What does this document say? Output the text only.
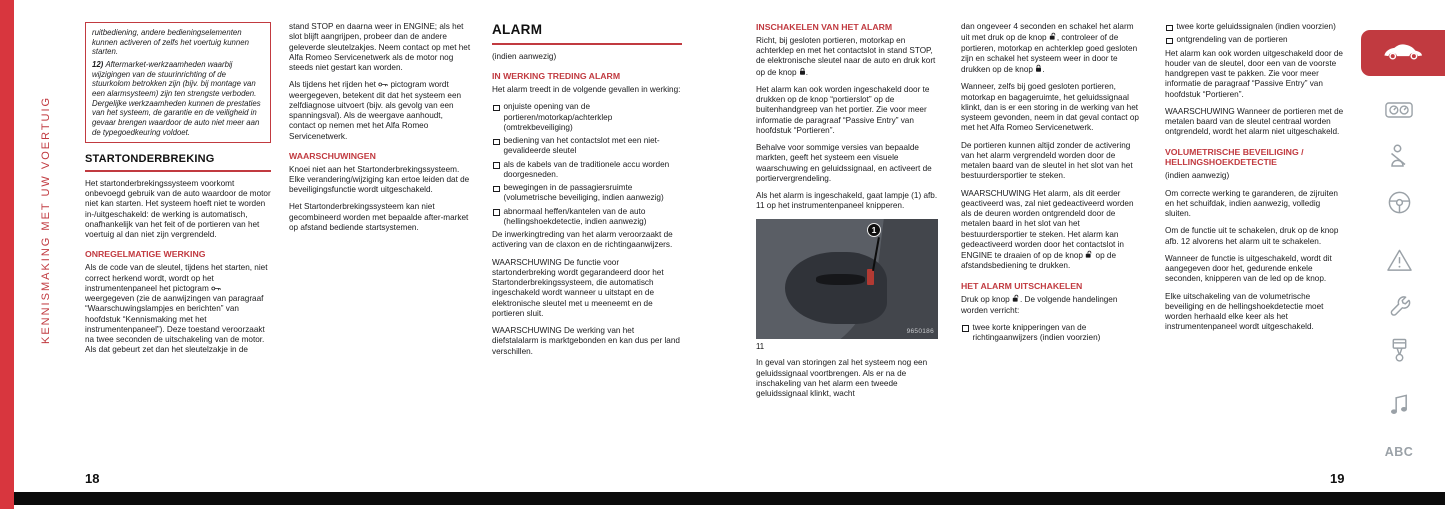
KENNISMAKING MET UW VOERTUIG

ruitbediening, andere bedieningselementen kunnen activeren of zelfs het voertuig kunnen starten.

12) Aftermarket-werkzaamheden waarbij wijzigingen van de stuurinrichting of de stuurkolom betrokken zijn (bijv. bij montage van een alarmsysteem) zijn ten strengste verboden. Dergelijke werkzaamheden kunnen de prestaties van het systeem, de garantie en de veiligheid in gevaar brengen waardoor de auto niet meer aan de typegoedkeuring voldoet.

STARTONDERBREKING

Het startonderbrekingssysteem voorkomt onbevoegd gebruik van de auto waardoor de motor niet kan starten. Het systeem hoeft niet te worden in-/uitgeschakeld: de werking is automatisch, onafhankelijk van het feit of de portieren van het voertuig al dan niet zijn vergrendeld.

ONREGELMATIGE WERKING

Als de code van de sleutel, tijdens het starten, niet correct herkend wordt, wordt op het instrumentenpaneel het pictogram  weergegeven (zie de aanwijzingen van paragraaf “Waarschuwingslampjes en berichten” van hoofdstuk “Kennismaking met het instrumentenpaneel”). Deze toestand veroorzaakt na twee seconden de uitschakeling van de motor. Als dat gebeurt zet dan het sleutelzakje in de

stand STOP en daarna weer in ENGINE; als het slot blijft aangrijpen, probeer dan de andere geleverde sleutelzakjes. Neem contact op met het Alfa Romeo Servicenetwerk als de motor nog steeds niet gestart kan worden.

Als tijdens het rijden het  pictogram wordt weergegeven, betekent dit dat het systeem een zelfdiagnose uitvoert (bijv. als gevolg van een spanningsval). Als de weergave aanhoudt, contact op nemen met het Alfa Romeo Servicenetwerk.

WAARSCHUWINGEN

Knoei niet aan het Startonderbrekingssysteem. Elke verandering/wijziging kan ertoe leiden dat de beveiligingsfunctie wordt uitgeschakeld.

Het Startonderbrekingssysteem kan niet gecombineerd worden met bepaalde after-market op afstand bediende startsystemen.

ALARM
(indien aanwezig)
IN WERKING TREDING ALARM

Het alarm treedt in de volgende gevallen in werking:

onjuiste opening van de portieren/motorkap/achterklep (omtrekbeveiliging)
bediening van het contactslot met een niet-gevalideerde sleutel
als de kabels van de traditionele accu worden doorgesneden.
bewegingen in de passagiersruimte (volumetrische beveiliging, indien aanwezig)
abnormaal heffen/kantelen van de auto (hellingshoekdetectie, indien aanwezig)

De inwerkingtreding van het alarm veroorzaakt de activering van de claxon en de richtingaanwijzers.

WAARSCHUWING De functie voor startonderbreking wordt gegarandeerd door het Startonderbrekingssysteem, die automatisch ingeschakeld wordt wanneer u uitstapt en de elektronische sleutel met u meeneemt en de portieren sluit.

WAARSCHUWING De werking van het diefstalalarm is marktgebonden en kan dus per land verschillen.

INSCHAKELEN VAN HET ALARM

Richt, bij gesloten portieren, motorkap en achterklep en met het contactslot in stand STOP, de elektronische sleutel naar de auto en druk kort op de knop .

Het alarm kan ook worden ingeschakeld door te drukken op de knop “portierslot” op de buitenhandgreep van het portier. Zie voor meer informatie de paragraaf “Passive Entry” van hoofdstuk “Portieren”.

Behalve voor sommige versies van bepaalde markten, geeft het systeem een visuele waarschuwing en geluidssignaal, en activeert de portiervergrendeling.

Als het alarm is ingeschakeld, gaat lampje (1) afb. 11 op het instrumentenpaneel knipperen.

1
9650186
11

In geval van storingen zal het systeem nog een geluidssignaal voortbrengen. Als er na de inschakeling van het alarm een tweede geluidssignaal klinkt, wacht

dan ongeveer 4 seconden en schakel het alarm uit met druk op de knop , controleer of de portieren, motorkap en achterklep goed gesloten zijn en schakel het systeem weer in door te drukken op de knop .

Wanneer, zelfs bij goed gesloten portieren, motorkap en bagageruimte, het geluidssignaal klinkt, dan is er een storing in de werking van het systeem gevonden, neem in dat geval contact op met het Alfa Romeo Servicenetwerk.

De portieren kunnen altijd zonder de activering van het alarm vergrendeld worden door de metalen baard van de sleutel in het slot van het bestuurdersportier te steken.

WAARSCHUWING Het alarm, als dit eerder geactiveerd was, zal niet gedeactiveerd worden als de deuren worden ontgrendeld door de metalen baard in het slot van het bestuurdersportier te steken. Het alarm kan gedeactiveerd worden door het contactslot in ENGINE te draaien of op de knop  op de afstandsbediening te drukken.

HET ALARM UITSCHAKELEN

Druk op knop . De volgende handelingen worden verricht:

twee korte knipperingen van de richtingaanwijzers (indien voorzien)
twee korte geluidssignalen (indien voorzien)
ontgrendeling van de portieren

Het alarm kan ook worden uitgeschakeld door de houder van de sleutel, door een van de voorste handgrepen vast te pakken. Zie voor meer informatie de paragraaf “Passive Entry” van hoofdstuk “Portieren”.

WAARSCHUWING Wanneer de portieren met de metalen baard van de sleutel centraal worden ontgrendeld, wordt het alarm niet uitgeschakeld.

VOLUMETRISCHE BEVEILIGING / HELLINGSHOEKDETECTIE
(indien aanwezig)

Om correcte werking te garanderen, de zijruiten en het schuifdak, indien aanwezig, volledig sluiten.

Om de functie uit te schakelen, druk op de knop afb. 12 alvorens het alarm uit te schakelen.

Wanneer de functie is uitgeschakeld, wordt dit aangegeven door het, gedurende enkele seconden, knipperen van de led op de knop.

Elke uitschakeling van de volumetrische beveiliging en de hellingshoekdetectie moet worden herhaald elke keer als het instrumentenpaneel wordt uitgeschakeld.

18	19
ABC
